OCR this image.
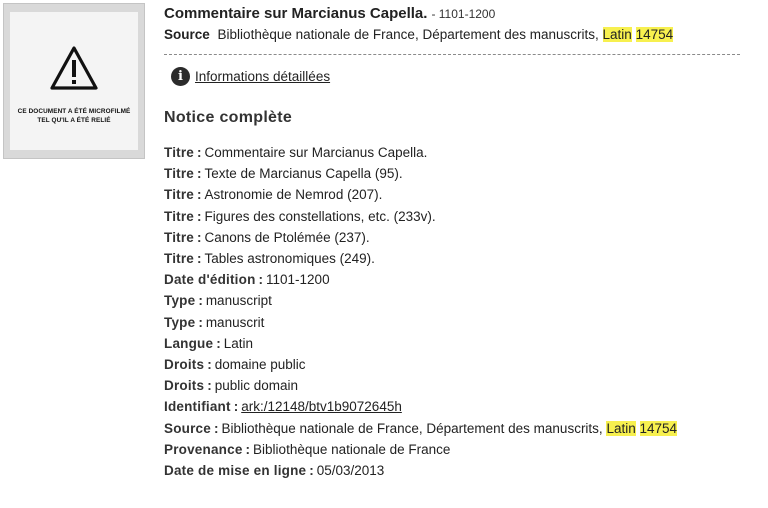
CE DOCUMENT A ÉTÉ MICROFILMÉ
TEL QU'IL A ÉTÉ RELIÉ
Commentaire sur Marcianus Capella. - 1101-1200
Source Bibliothèque nationale de France, Département des manuscrits, Latin 14754
i Informations détaillées
Notice complète
Titre : Commentaire sur Marcianus Capella.
Titre : Texte de Marcianus Capella (95).
Titre : Astronomie de Nemrod (207).
Titre : Figures des constellations, etc. (233v).
Titre : Canons de Ptolémée (237).
Titre : Tables astronomiques (249).
Date d'édition : 1101-1200
Type : manuscript
Type : manuscrit
Langue : Latin
Droits : domaine public
Droits : public domain
Identifiant : ark:/12148/btv1b9072645h
Source : Bibliothèque nationale de France, Département des manuscrits, Latin 14754
Provenance : Bibliothèque nationale de France
Date de mise en ligne : 05/03/2013
